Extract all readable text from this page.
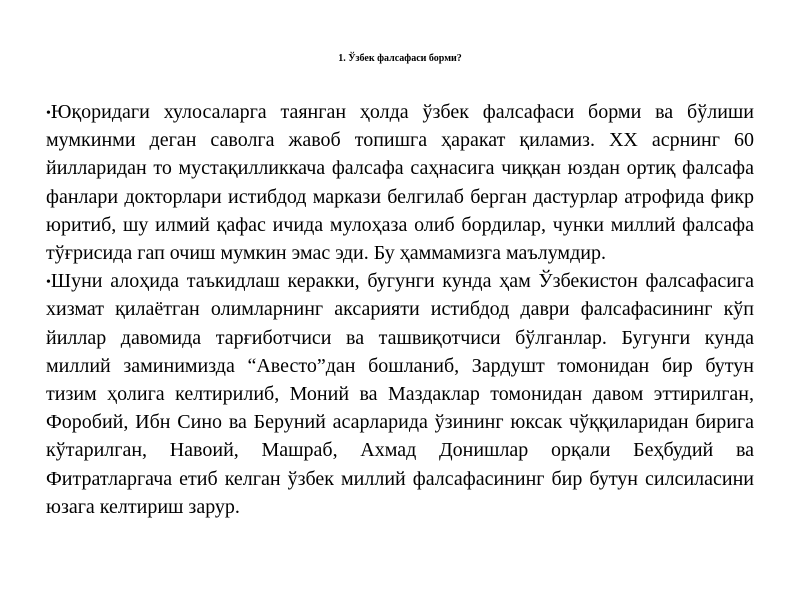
1. Ўзбек фалсафаси борми?

•Юқоридаги хулосаларга таянган ҳолда ўзбек фалсафаси борми ва бўлиши мумкинми деган саволга жавоб топишга ҳаракат қиламиз. XX асрнинг 60 йилларидан то мустақилликкача фалсафа саҳнасига чиққан юздан ортиқ фалсафа фанлари докторлари истибдод маркази белгилаб берган дастурлар атрофида фикр юритиб, шу илмий қафас ичида мулоҳаза олиб бордилар, чунки миллий фалсафа тўғрисида гап очиш мумкин эмас эди. Бу ҳаммамизга маълумдир.

•Шуни алоҳида таъкидлаш керакки, бугунги кунда ҳам Ўзбекистон фалсафасига хизмат қилаётган олимларнинг аксарияти истибдод даври фалсафасининг кўп йиллар давомида тарғиботчиси ва ташвиқотчиси бўлганлар. Бугунги кунда миллий заминимизда “Авесто”дан бошланиб, Зардушт томонидан бир бутун тизим ҳолига келтирилиб, Моний ва Маздаклар томонидан давом эттирилган, Форобий, Ибн Сино ва Беруний асарларида ўзининг юксак чўққиларидан бирига кўтарилган, Навоий, Машраб, Ахмад Донишлар орқали Беҳбудий ва Фитратларгача етиб келган ўзбек миллий фалсафасининг бир бутун силсиласини юзага келтириш зарур.
